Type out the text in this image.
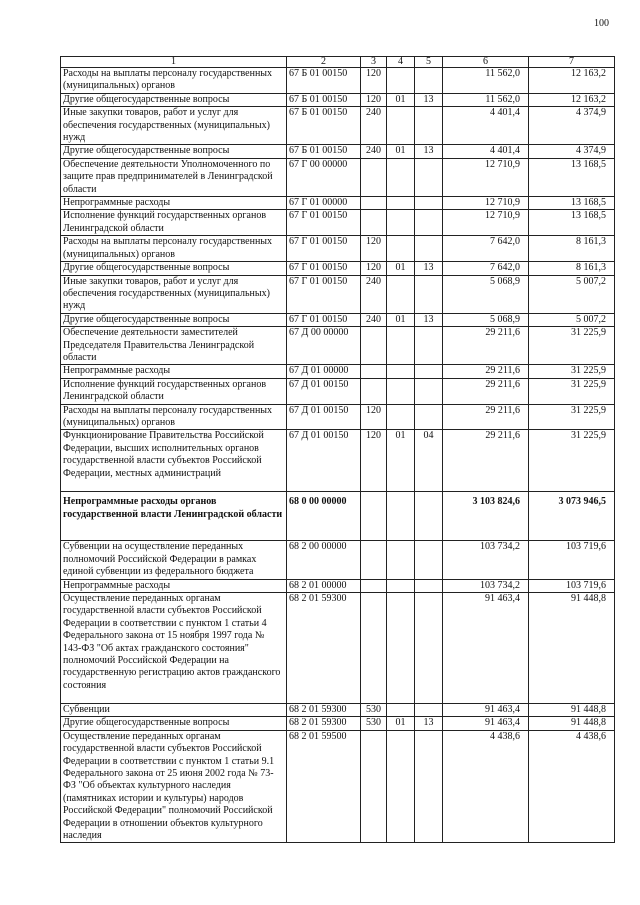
100
1	2	3	4	5	6	7
Расходы на выплаты персоналу государственных (муниципальных) органов	67 Б 01 00150	120			11 562,0	12 163,2
Другие общегосударственные вопросы	67 Б 01 00150	120	01	13	11 562,0	12 163,2
Иные закупки товаров, работ и услуг для обеспечения государственных (муниципальных) нужд	67 Б 01 00150	240			4 401,4	4 374,9
Другие общегосударственные вопросы	67 Б 01 00150	240	01	13	4 401,4	4 374,9
Обеспечение деятельности Уполномоченного по защите прав предпринимателей в Ленинградской области	67 Г 00 00000				12 710,9	13 168,5
Непрограммные расходы	67 Г 01 00000				12 710,9	13 168,5
Исполнение функций государственных органов Ленинградской области	67 Г 01 00150				12 710,9	13 168,5
Расходы на выплаты персоналу государственных (муниципальных) органов	67 Г 01 00150	120			7 642,0	8 161,3
Другие общегосударственные вопросы	67 Г 01 00150	120	01	13	7 642,0	8 161,3
Иные закупки товаров, работ и услуг для обеспечения государственных (муниципальных) нужд	67 Г 01 00150	240			5 068,9	5 007,2
Другие общегосударственные вопросы	67 Г 01 00150	240	01	13	5 068,9	5 007,2
Обеспечение деятельности заместителей Председателя Правительства Ленинградской области	67 Д 00 00000				29 211,6	31 225,9
Непрограммные расходы	67 Д 01 00000				29 211,6	31 225,9
Исполнение функций государственных органов Ленинградской области	67 Д 01 00150				29 211,6	31 225,9
Расходы на выплаты персоналу государственных (муниципальных) органов	67 Д 01 00150	120			29 211,6	31 225,9
Функционирование Правительства Российской Федерации, высших исполнительных органов государственной власти субъектов Российской Федерации, местных администраций	67 Д 01 00150	120	01	04	29 211,6	31 225,9
Непрограммные расходы органов государственной власти Ленинградской области	68 0 00 00000				3 103 824,6	3 073 946,5
Субвенции на осуществление переданных полномочий Российской Федерации в рамках единой субвенции из федерального бюджета	68 2 00 00000				103 734,2	103 719,6
Непрограммные расходы	68 2 01 00000				103 734,2	103 719,6
Осуществление переданных органам государственной власти субъектов Российской Федерации в соответствии с пунктом 1 статьи 4 Федерального закона от 15 ноября 1997 года № 143-ФЗ "Об актах гражданского состояния" полномочий Российской Федерации на государственную регистрацию актов гражданского состояния	68 2 01 59300				91 463,4	91 448,8
Субвенции	68 2 01 59300	530			91 463,4	91 448,8
Другие общегосударственные вопросы	68 2 01 59300	530	01	13	91 463,4	91 448,8
Осуществление переданных органам государственной власти субъектов Российской Федерации в соответствии с пунктом 1 статьи 9.1 Федерального закона от 25 июня 2002 года № 73-ФЗ "Об объектах культурного наследия (памятниках истории и культуры) народов Российской Федерации" полномочий Российской Федерации в отношении объектов культурного наследия	68 2 01 59500				4 438,6	4 438,6
